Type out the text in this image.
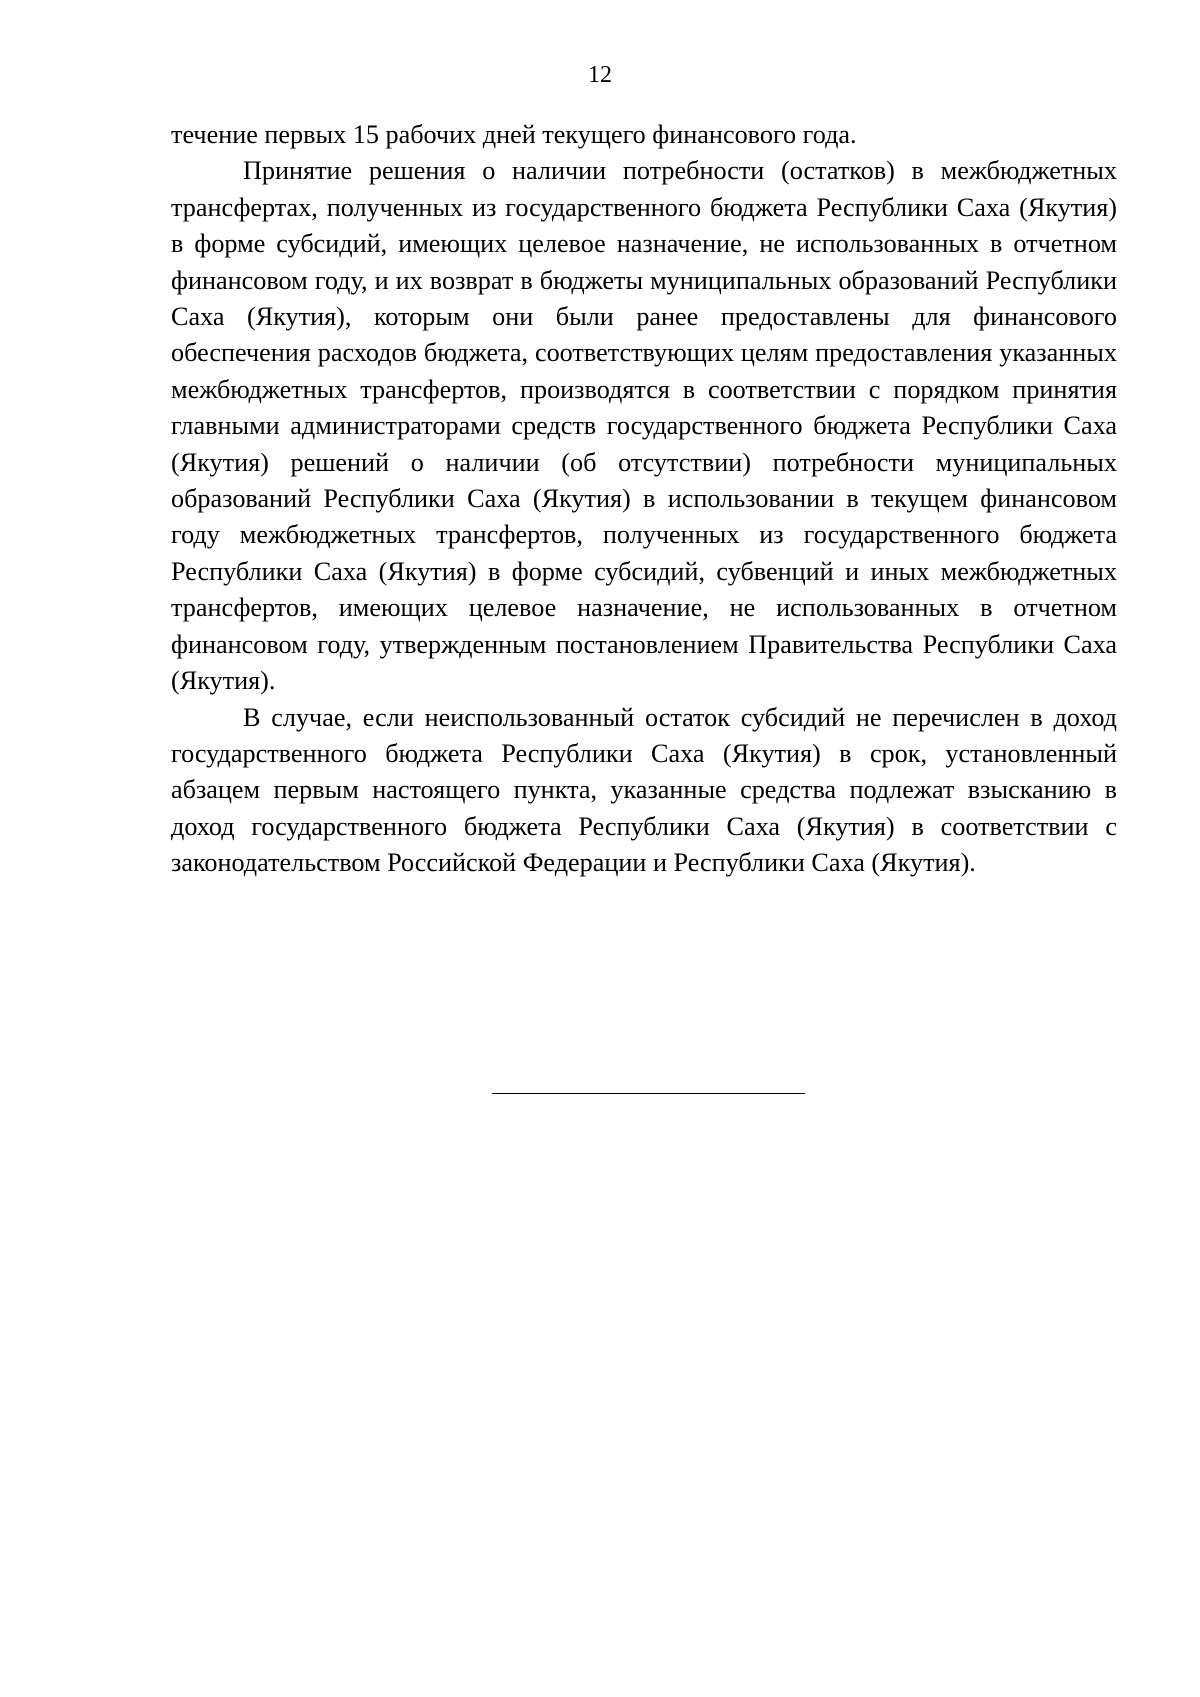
12

течение первых 15 рабочих дней текущего финансового года.

Принятие решения о наличии потребности (остатков) в межбюджетных трансфертах, полученных из государственного бюджета Республики Саха (Якутия) в форме субсидий, имеющих целевое назначение, не использованных в отчетном финансовом году, и их возврат в бюджеты муниципальных образований Республики Саха (Якутия), которым они были ранее предоставлены для финансового обеспечения расходов бюджета, соответствующих целям предоставления указанных межбюджетных трансфертов, производятся в соответствии с порядком принятия главными администраторами средств государственного бюджета Республики Саха (Якутия) решений о наличии (об отсутствии) потребности муниципальных образований Республики Саха (Якутия) в использовании в текущем финансовом году межбюджетных трансфертов, полученных из государственного бюджета Республики Саха (Якутия) в форме субсидий, субвенций и иных межбюджетных трансфертов, имеющих целевое назначение, не использованных в отчетном финансовом году, утвержденным постановлением Правительства Республики Саха (Якутия).

В случае, если неиспользованный остаток субсидий не перечислен в доход государственного бюджета Республики Саха (Якутия) в срок, установленный абзацем первым настоящего пункта, указанные средства подлежат взысканию в доход государственного бюджета Республики Саха (Якутия) в соответствии с законодательством Российской Федерации и Республики Саха (Якутия).
